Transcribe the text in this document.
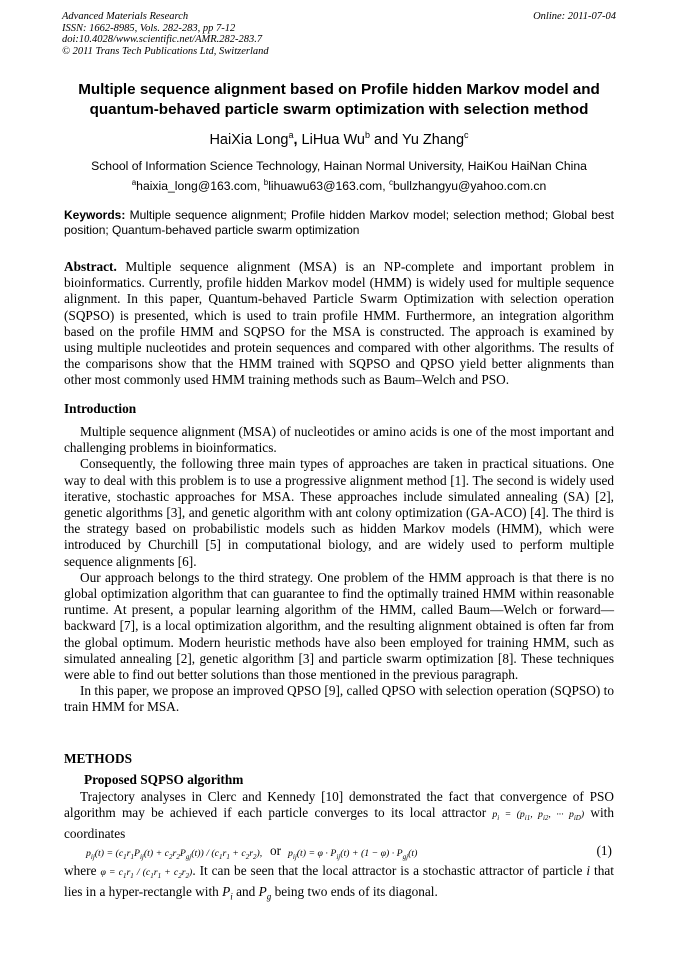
Advanced Materials Research
ISSN: 1662-8985, Vols. 282-283, pp 7-12
doi:10.4028/www.scientific.net/AMR.282-283.7
© 2011 Trans Tech Publications Ltd, Switzerland
Online: 2011-07-04
Multiple sequence alignment based on Profile hidden Markov model and
quantum-behaved particle swarm optimization with selection method
HaiXia Long$^a$, LiHua Wu$^b$ and Yu Zhang$^c$
School of Information Science Technology, Hainan Normal University, HaiKou HaiNan China
$^a$haixia_long@163.com, $^b$lihuawu63@163.com, $^c$bullzhangyu@yahoo.com.cn
Keywords: Multiple sequence alignment; Profile hidden Markov model; selection method; Global best position; Quantum-behaved particle swarm optimization

Abstract. Multiple sequence alignment (MSA) is an NP-complete and important problem in bioinformatics. Currently, profile hidden Markov model (HMM) is widely used for multiple sequence alignment. In this paper, Quantum-behaved Particle Swarm Optimization with selection operation (SQPSO) is presented, which is used to train profile HMM. Furthermore, an integration algorithm based on the profile HMM and SQPSO for the MSA is constructed. The approach is examined by using multiple nucleotides and protein sequences and compared with other algorithms. The results of the comparisons show that the HMM trained with SQPSO and QPSO yield better alignments than other most commonly used HMM training methods such as Baum–Welch and PSO.

Introduction

Multiple sequence alignment (MSA) of nucleotides or amino acids is one of the most important and challenging problems in bioinformatics.

Consequently, the following three main types of approaches are taken in practical situations. One way to deal with this problem is to use a progressive alignment method [1]. The second is widely used iterative, stochastic approaches for MSA. These approaches include simulated annealing (SA) [2], genetic algorithms [3], and genetic algorithm with ant colony optimization (GA-ACO) [4]. The third is the strategy based on probabilistic models such as hidden Markov models (HMM), which were introduced by Churchill [5] in computational biology, and are widely used to perform multiple sequence alignments [6].

Our approach belongs to the third strategy. One problem of the HMM approach is that there is no global optimization algorithm that can guarantee to find the optimally trained HMM within reasonable runtime. At present, a popular learning algorithm of the HMM, called Baum—Welch or forward—backward [7], is a local optimization algorithm, and the resulting alignment obtained is often far from the global optimum. Modern heuristic methods have also been employed for training HMM, such as simulated annealing [2], genetic algorithm [3] and particle swarm optimization [8]. These techniques were able to find out better solutions than those mentioned in the previous paragraph.

In this paper, we propose an improved QPSO [9], called QPSO with selection operation (SQPSO) to train HMM for MSA.

METHODS
Proposed SQPSO algorithm

Trajectory analyses in Clerc and Kennedy [10] demonstrated the fact that convergence of PSO algorithm may be achieved if each particle converges to its local attractor $p_i = (p_{i1}$, $p_{i2}$, ··· $p_{iD}$) with coordinates

$p_{ij}(t) = (c_1r_1P_{ij}(t) + c_2r_2P_{gj}(t)) / (c_1r_1 + c_2r_2)$, or $p_{ij}(t) = \varphi \cdot P_{ij}(t) + (1 - \varphi) \cdot P_{gj}(t)$	(1)

where $\varphi = c_1r_1 / (c_1r_1 + c_2r_2)$. It can be seen that the local attractor is a stochastic attractor of particle i that lies in a hyper-rectangle with $P_i$ and $P_g$ being two ends of its diagonal.
